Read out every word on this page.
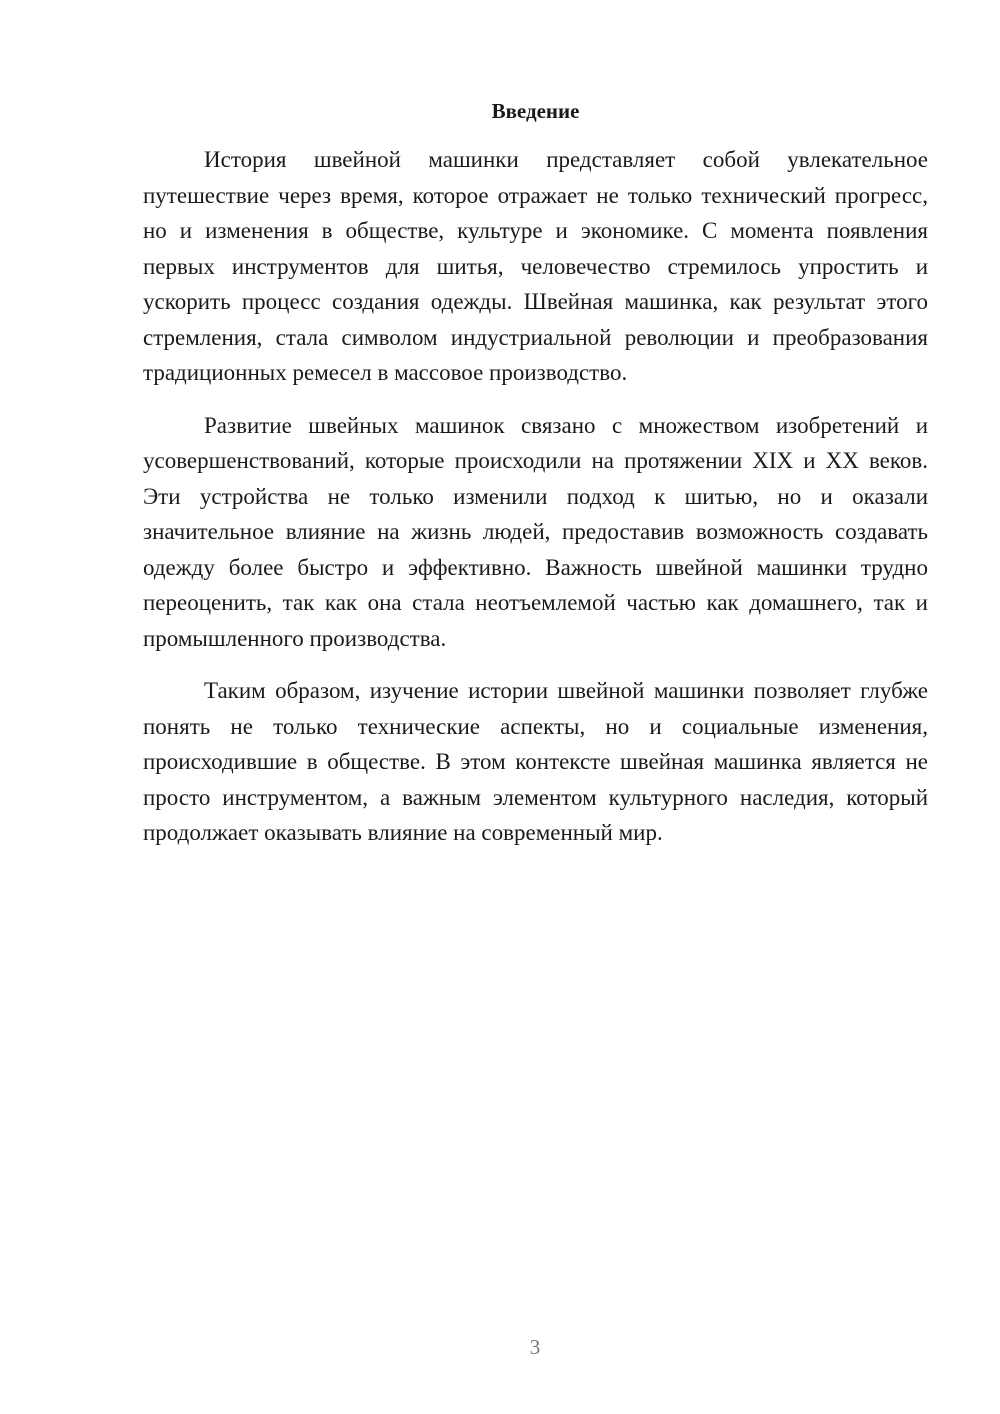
Введение

История швейной машинки представляет собой увлекательное путешествие через время, которое отражает не только технический прогресс, но и изменения в обществе, культуре и экономике. С момента появления первых инструментов для шитья, человечество стремилось упростить и ускорить процесс создания одежды. Швейная машинка, как результат этого стремления, стала символом индустриальной революции и преобразования традиционных ремесел в массовое производство.

Развитие швейных машинок связано с множеством изобретений и усовершенствований, которые происходили на протяжении XIX и XX веков. Эти устройства не только изменили подход к шитью, но и оказали значительное влияние на жизнь людей, предоставив возможность создавать одежду более быстро и эффективно. Важность швейной машинки трудно переоценить, так как она стала неотъемлемой частью как домашнего, так и промышленного производства.

Таким образом, изучение истории швейной машинки позволяет глубже понять не только технические аспекты, но и социальные изменения, происходившие в обществе. В этом контексте швейная машинка является не просто инструментом, а важным элементом культурного наследия, который продолжает оказывать влияние на современный мир.

3
